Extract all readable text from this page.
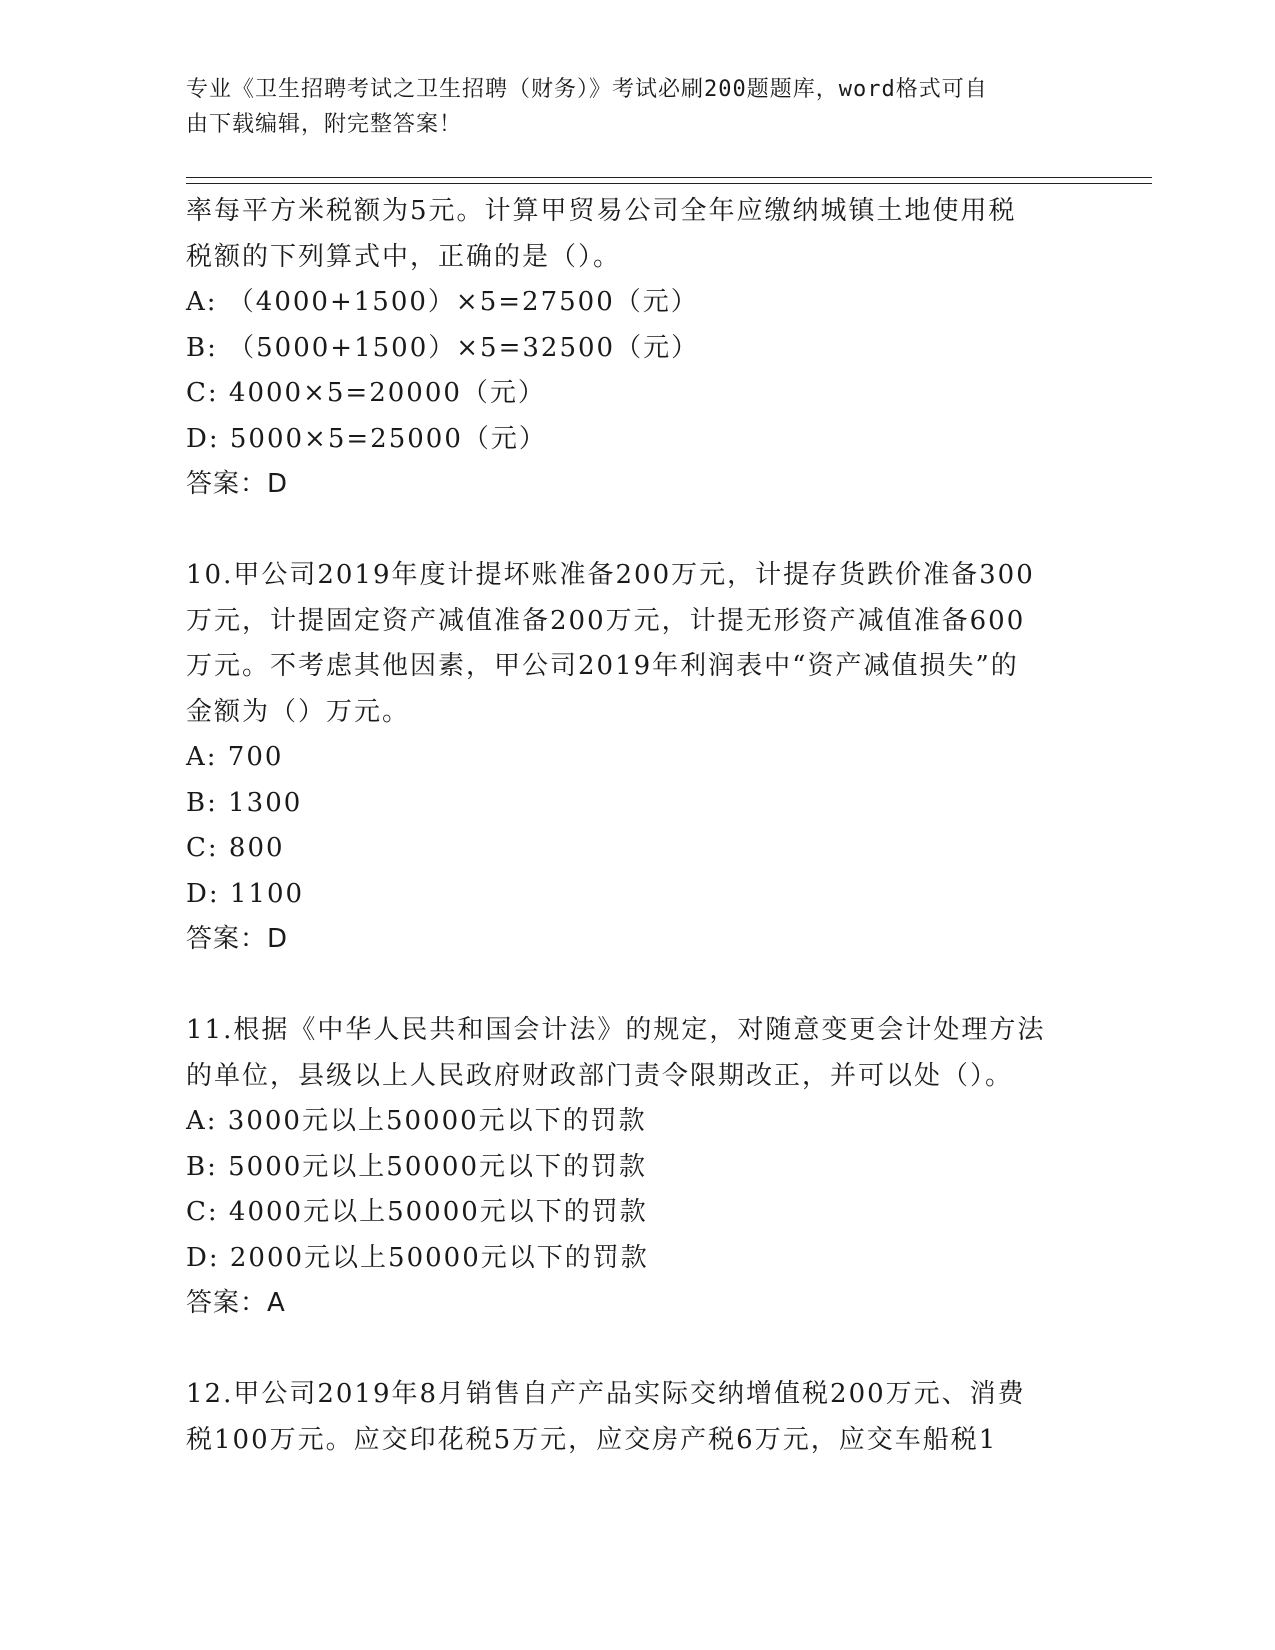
专业《卫生招聘考试之卫生招聘（财务）》考试必刷200题题库，word格式可自
由下载编辑，附完整答案！
率每平方米税额为5元。计算甲贸易公司全年应缴纳城镇土地使用税
税额的下列算式中，正确的是（）。
A: （4000+1500）×5=27500（元）
B: （5000+1500）×5=32500（元）
C: 4000×5=20000（元）
D: 5000×5=25000（元）
答案：D
10.甲公司2019年度计提坏账准备200万元，计提存货跌价准备300
万元，计提固定资产减值准备200万元，计提无形资产减值准备600
万元。不考虑其他因素，甲公司2019年利润表中“资产减值损失”的
金额为（）万元。
A: 700
B: 1300
C: 800
D: 1100
答案：D
11.根据《中华人民共和国会计法》的规定，对随意变更会计处理方法
的单位，县级以上人民政府财政部门责令限期改正，并可以处（）。
A: 3000元以上50000元以下的罚款
B: 5000元以上50000元以下的罚款
C: 4000元以上50000元以下的罚款
D: 2000元以上50000元以下的罚款
答案：A
12.甲公司2019年8月销售自产产品实际交纳增值税200万元、消费
税100万元。应交印花税5万元，应交房产税6万元，应交车船税1
